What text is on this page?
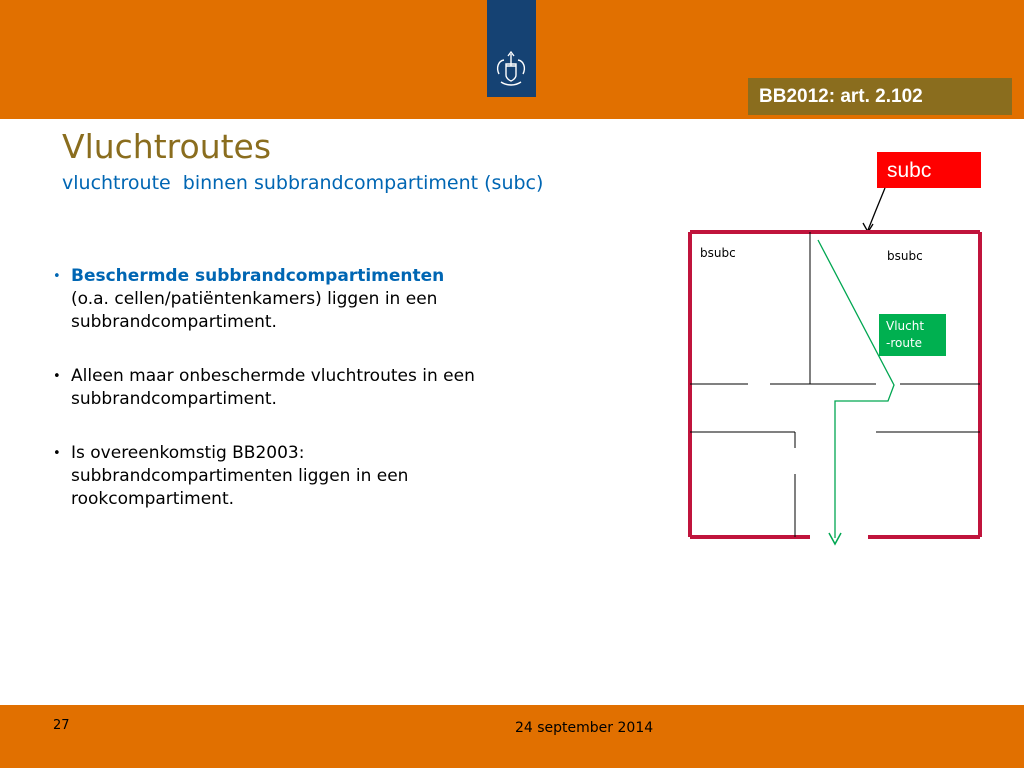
BB2012: art. 2.102
Vluchtroutes
vluchtroute  binnen subbrandcompartiment (subc)
• Beschermde subbrandcompartimenten
(o.a. cellen/patiëntenkamers) liggen in een subbrandcompartiment.
• Alleen maar onbeschermde vluchtroutes in een subbrandcompartiment.
• Is overeenkomstig BB2003: subbrandcompartimenten liggen in een rookcompartiment.
subc
bsubc	bsubc
Vlucht
-route
27	24 september 2014
